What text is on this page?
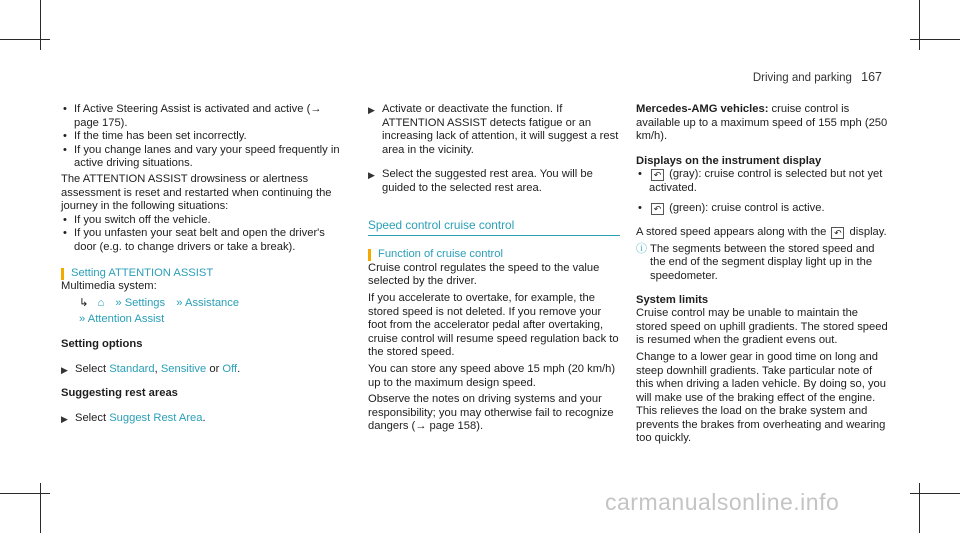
Driving and parking 167

• If Active Steering Assist is activated and active (→ page 175).

• If the time has been set incorrectly.

• If you change lanes and vary your speed frequently in active driving situations.

The ATTENTION ASSIST drowsiness or alertness assessment is reset and restarted when continuing the journey in the following situations:

• If you switch off the vehicle.

• If you unfasten your seat belt and open the driver's door (e.g. to change drivers or take a break).

Setting ATTENTION ASSIST

Multimedia system:

↳ ⌂ » Settings » Assistance

» Attention Assist

Setting options

▶ Select Standard, Sensitive or Off.

Suggesting rest areas

▶ Select Suggest Rest Area.

▶ Activate or deactivate the function. If ATTENTION ASSIST detects fatigue or an increasing lack of attention, it will suggest a rest area in the vicinity.

▶ Select the suggested rest area. You will be guided to the selected rest area.

Speed control cruise control

Function of cruise control

Cruise control regulates the speed to the value selected by the driver.

If you accelerate to overtake, for example, the stored speed is not deleted. If you remove your foot from the accelerator pedal after overtaking, cruise control will resume speed regulation back to the stored speed.

You can store any speed above 15 mph (20 km/h) up to the maximum design speed.

Observe the notes on driving systems and your responsibility; you may otherwise fail to recognize dangers (→ page 158).

Mercedes-AMG vehicles: cruise control is available up to a maximum speed of 155 mph (250 km/h).

Displays on the instrument display

• ↶ (gray): cruise control is selected but not yet activated.

• ↶ (green): cruise control is active.

A stored speed appears along with the ↶ display.

ⓘ The segments between the stored speed and the end of the segment display light up in the speedometer.

System limits

Cruise control may be unable to maintain the stored speed on uphill gradients. The stored speed is resumed when the gradient evens out.

Change to a lower gear in good time on long and steep downhill gradients. Take particular note of this when driving a laden vehicle. By doing so, you will make use of the braking effect of the engine. This relieves the load on the brake system and prevents the brakes from overheating and wearing too quickly.

carmanualsonline.info
